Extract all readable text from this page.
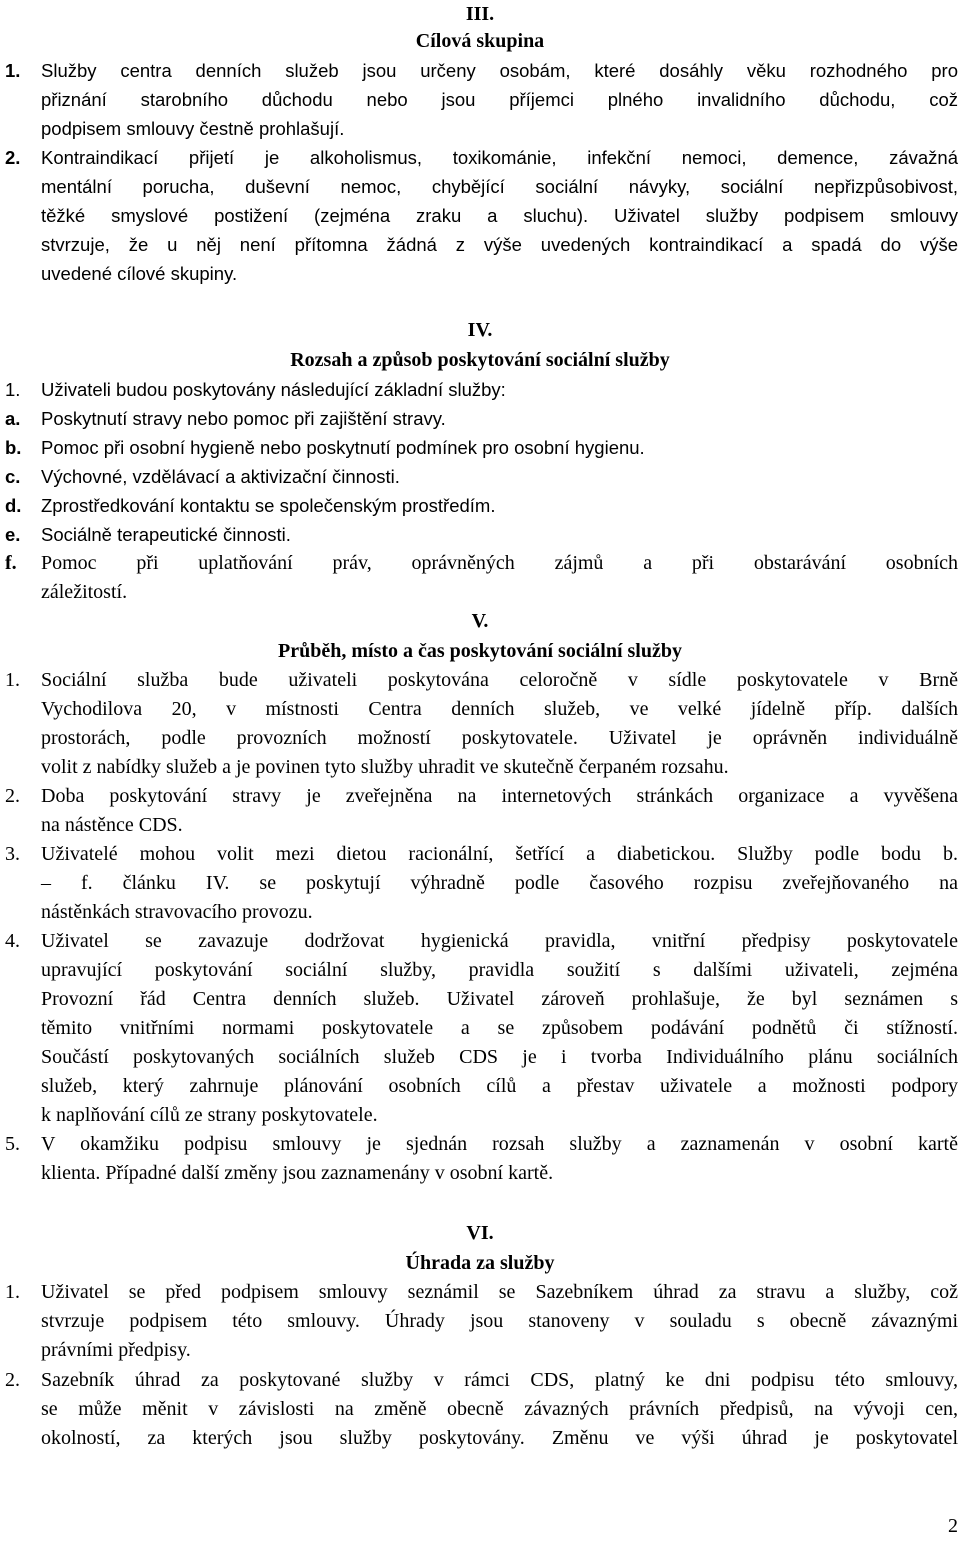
III.
Cílová skupina
1.	Služby centra denních služeb jsou určeny osobám, které dosáhly věku rozhodného pro
přiznání starobního důchodu nebo jsou příjemci plného invalidního důchodu, což
podpisem smlouvy čestně prohlašují.
2.	Kontraindikací přijetí je alkoholismus, toxikománie, infekční nemoci, demence, závažná
mentální porucha, duševní nemoc, chybějící sociální návyky, sociální nepřizpůsobivost,
těžké smyslové postižení (zejména zraku a sluchu). Uživatel služby podpisem smlouvy
stvrzuje, že u něj není přítomna žádná z výše uvedených kontraindikací a spadá do výše
uvedené cílové skupiny.
IV.
Rozsah a způsob poskytování sociální služby
1.	Uživateli budou poskytovány následující základní služby:
a.	Poskytnutí stravy nebo pomoc při zajištění stravy.
b.	Pomoc při osobní hygieně nebo poskytnutí podmínek pro osobní hygienu.
c.	Výchovné, vzdělávací a aktivizační činnosti.
d.	Zprostředkování kontaktu se společenským prostředím.
e.	Sociálně terapeutické činnosti.
f.	Pomoc při uplatňování práv, oprávněných zájmů a při obstarávání osobních
záležitostí.
V.
Průběh, místo a čas poskytování sociální služby
1.	Sociální služba bude uživateli poskytována celoročně v sídle poskytovatele v Brně
Vychodilova 20, v místnosti Centra denních služeb, ve velké jídelně příp. dalších
prostorách, podle provozních možností poskytovatele. Uživatel je oprávněn individuálně
volit z nabídky služeb a je povinen tyto služby uhradit ve skutečně čerpaném rozsahu.
2.	Doba poskytování stravy je zveřejněna na internetových stránkách organizace a vyvěšena
na nástěnce CDS.
3.	Uživatelé mohou volit mezi dietou racionální, šetřící a diabetickou. Služby podle bodu b.
– f. článku IV. se poskytují výhradně podle časového rozpisu zveřejňovaného na
nástěnkách stravovacího provozu.
4.	Uživatel se zavazuje dodržovat hygienická pravidla, vnitřní předpisy poskytovatele
upravující poskytování sociální služby, pravidla soužití s dalšími uživateli, zejména
Provozní řád Centra denních služeb. Uživatel zároveň prohlašuje, že byl seznámen s
těmito vnitřními normami poskytovatele a se způsobem podávání podnětů či stížností.
Součástí poskytovaných sociálních služeb CDS je i tvorba Individuálního plánu sociálních
služeb, který zahrnuje plánování osobních cílů a přestav uživatele a možnosti podpory
k naplňování cílů ze strany poskytovatele.
5.	V okamžiku podpisu smlouvy je sjednán rozsah služby a zaznamenán v osobní kartě
klienta. Případné další změny jsou zaznamenány v osobní kartě.
VI.
Úhrada za služby
1.	Uživatel se před podpisem smlouvy seznámil se Sazebníkem úhrad za stravu a služby, což
stvrzuje podpisem této smlouvy. Úhrady jsou stanoveny v souladu s obecně závaznými
právními předpisy.
2.	Sazebník úhrad za poskytované služby v rámci CDS, platný ke dni podpisu této smlouvy,
se může měnit v závislosti na změně obecně závazných právních předpisů, na vývoji cen,
okolností, za kterých jsou služby poskytovány. Změnu ve výši úhrad je poskytovatel
2
